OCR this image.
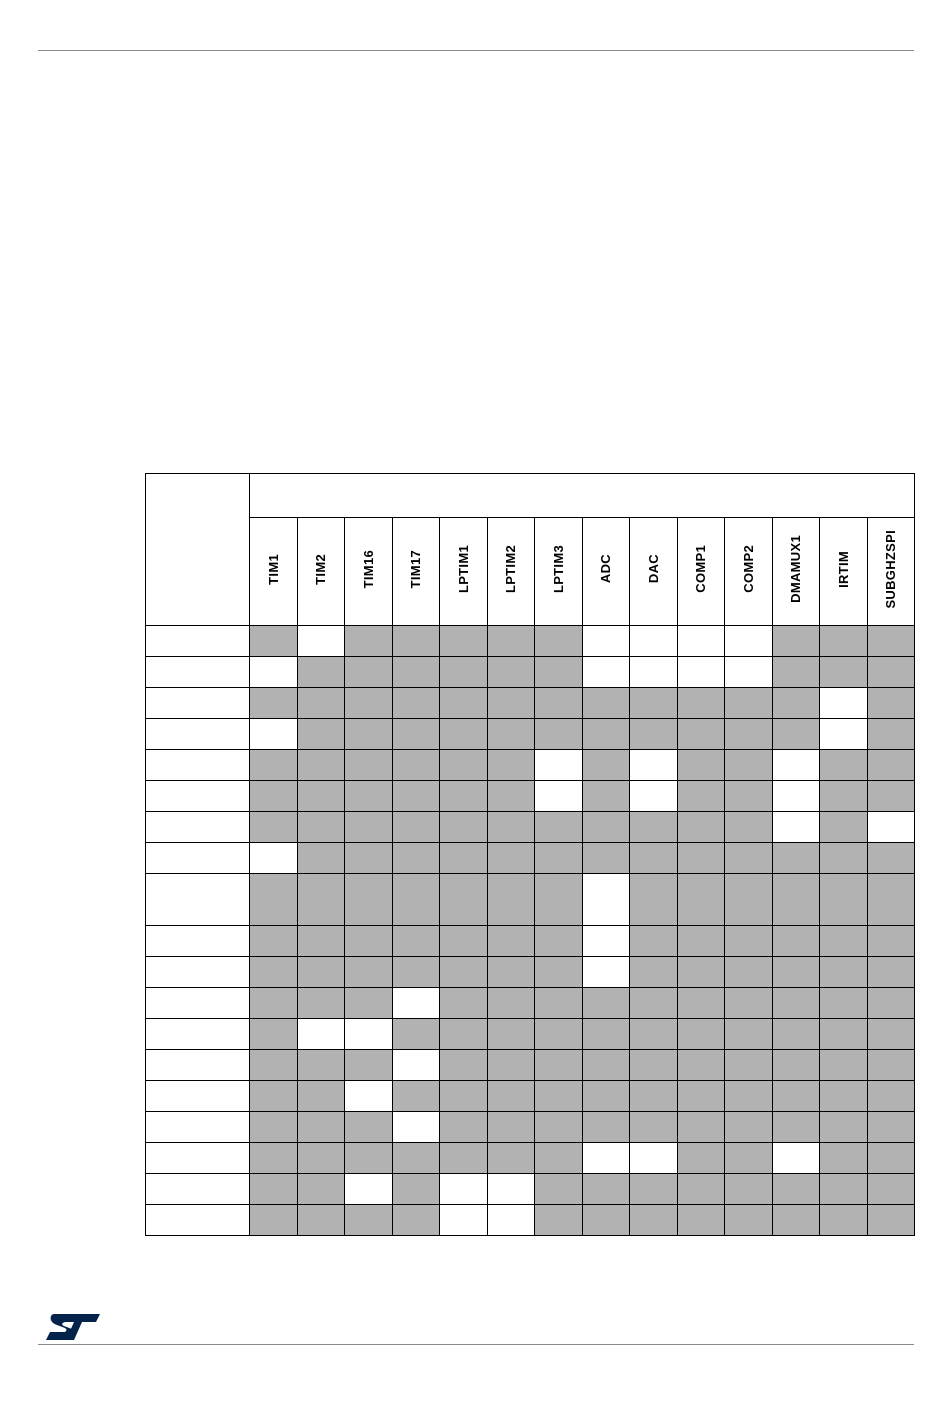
	TIM1	TIM2	TIM16	TIM17	LPTIM1	LPTIM2	LPTIM3	ADC	DAC	COMP1	COMP2	DMAMUX1	IRTIM	SUBGHZSPI
